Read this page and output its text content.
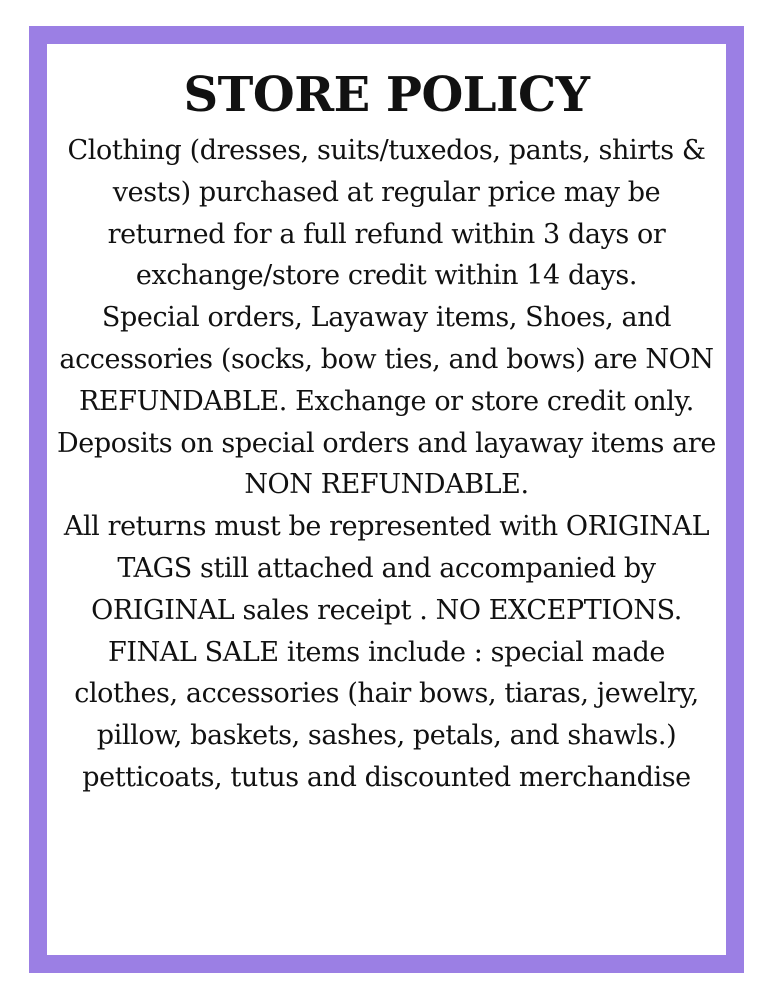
STORE POLICY

Clothing (dresses, suits/tuxedos, pants, shirts & vests) purchased at regular price may be returned for a full refund within 3 days or exchange/store credit within 14 days.

Special orders, Layaway items, Shoes, and accessories (socks, bow ties, and bows) are NON REFUNDABLE. Exchange or store credit only.

Deposits on special orders and layaway items are NON REFUNDABLE.

All returns must be represented with ORIGINAL TAGS still attached and accompanied by ORIGINAL sales receipt . NO EXCEPTIONS.

FINAL SALE items include : special made clothes, accessories (hair bows, tiaras, jewelry, pillow, baskets, sashes, petals, and shawls.) petticoats, tutus and discounted merchandise
